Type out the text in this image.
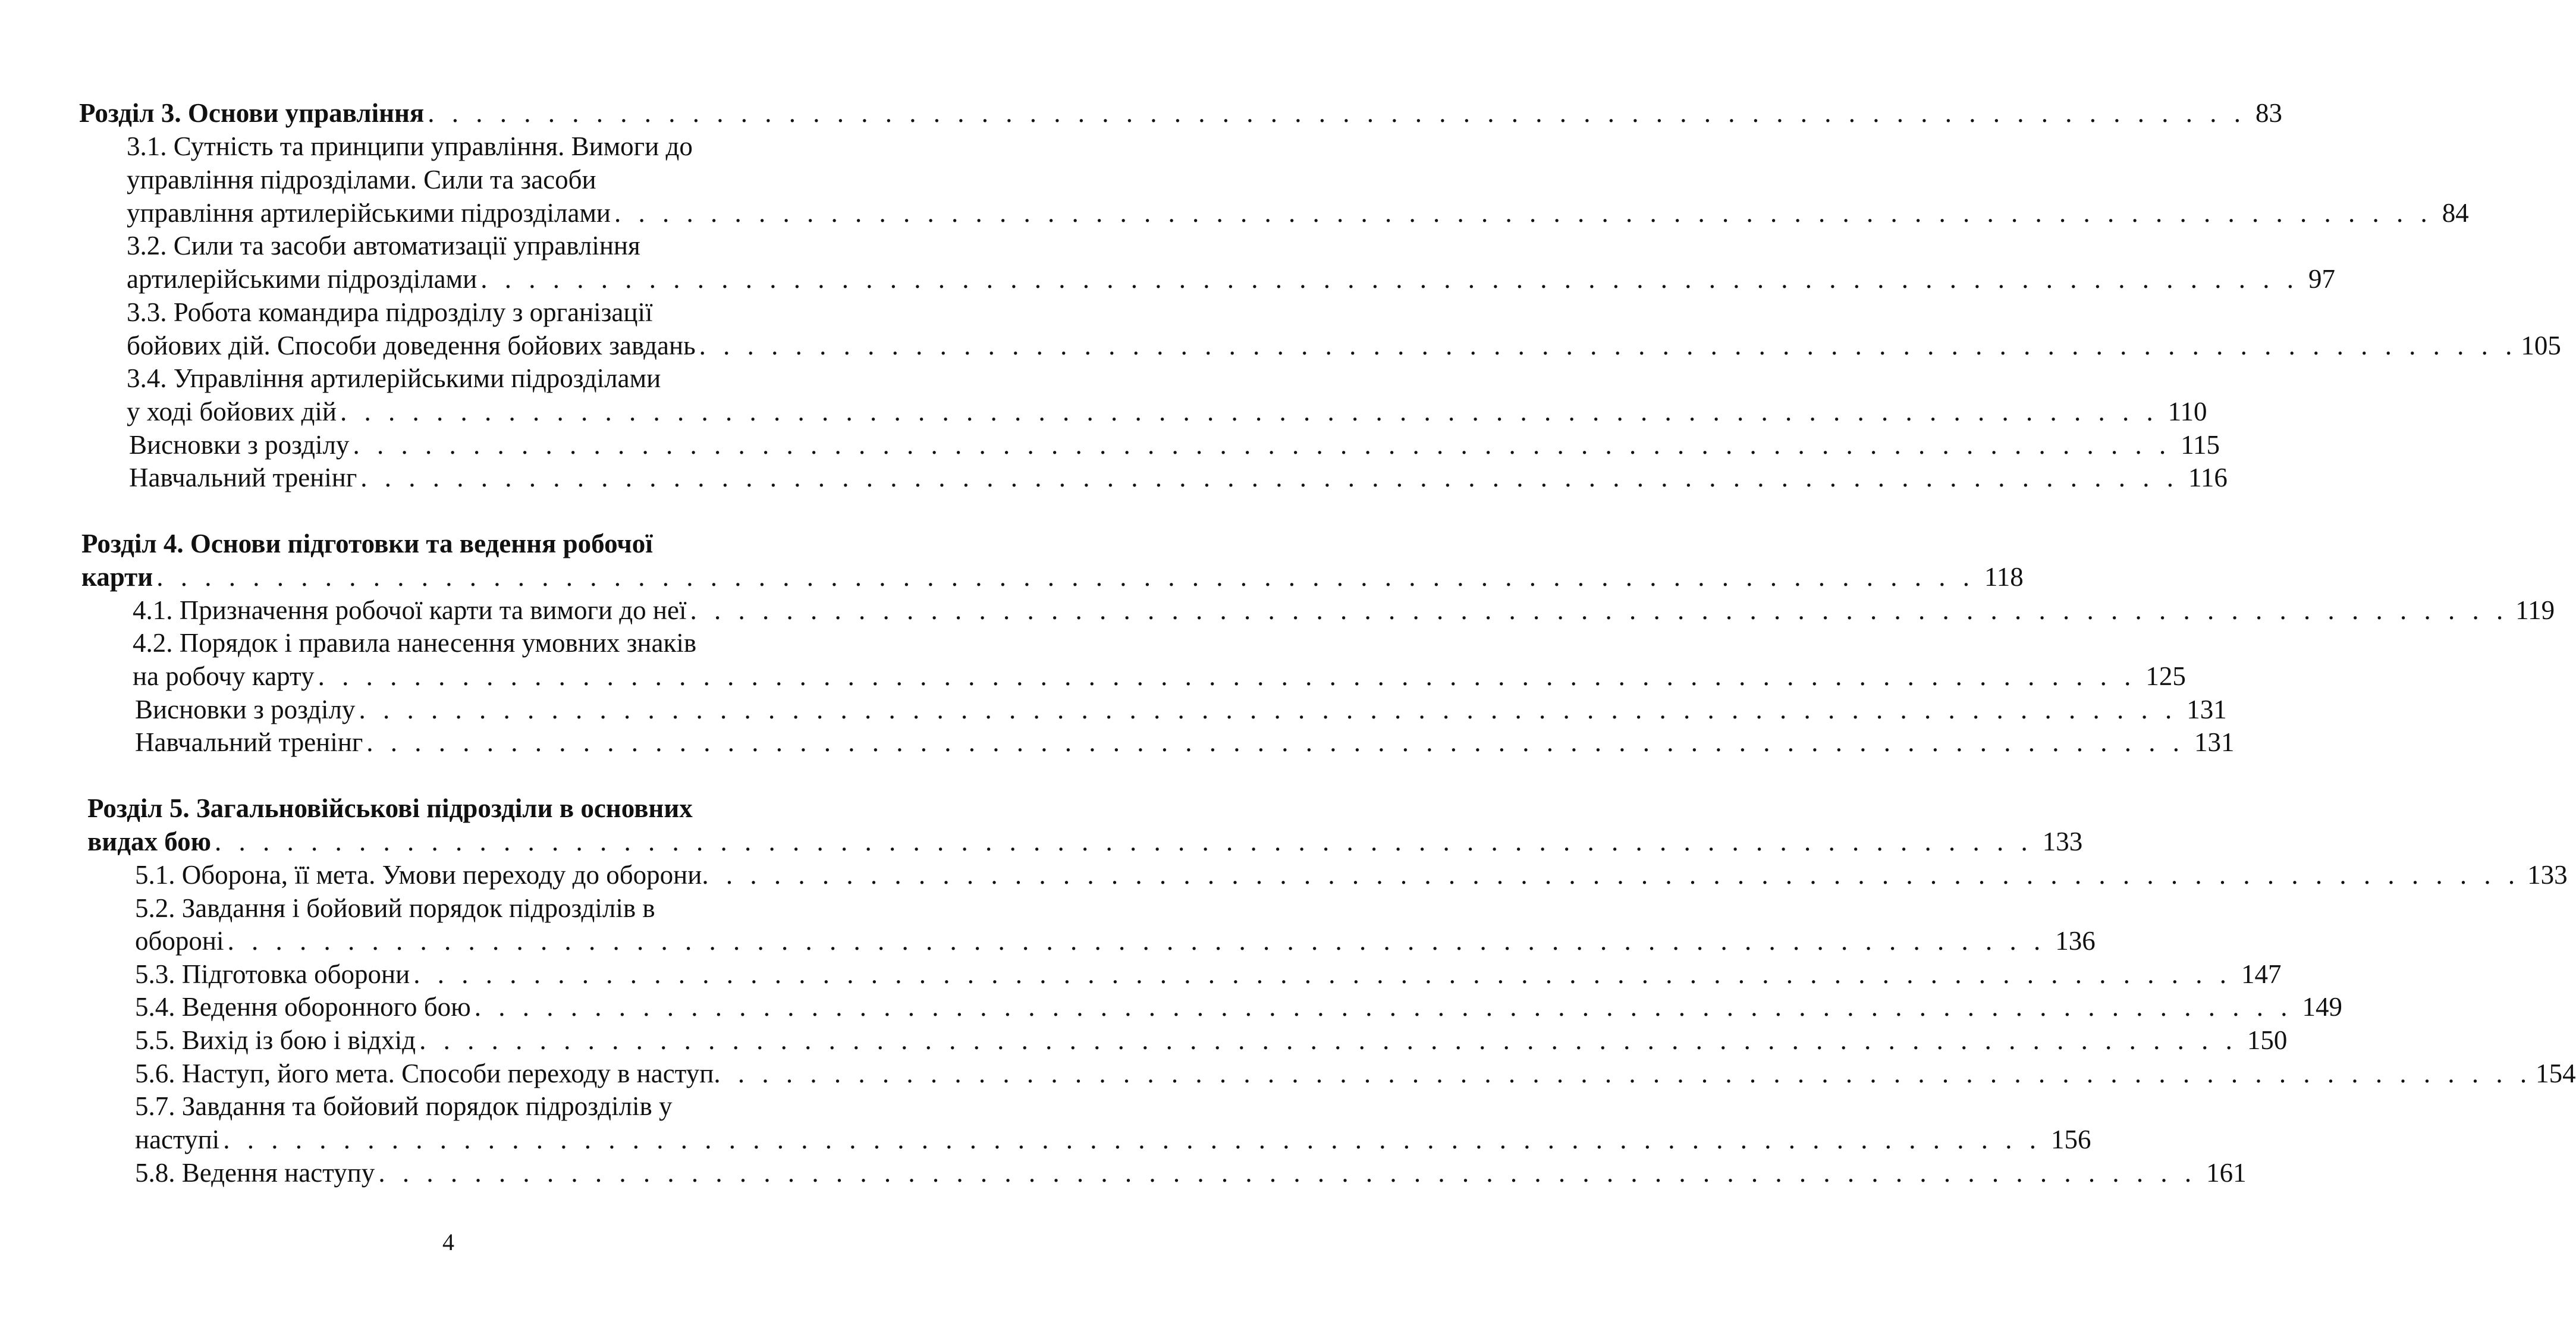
Розділ 3. Основи управління . . . . . . . . . . . . . . . . . . . . . . . . . . . . . . . . . . . . . . . . . . . . . . . . . . . . . . . . . . . . . . . . . . . . . . . . . . . . 83
3.1. Сутність та принципи управління. Вимоги до
управління підрозділами. Сили та засоби
управління артилерійськими підрозділами . . . . . . . . . . . . . . . . . . . . . . . . . . . . . . . . . . . . . . . . . . . . . . . . . . . . . . . . . . . . . . . . . . . . . . . . . . . . 84
3.2. Сили та засоби автоматизації управління
артилерійськими підрозділами . . . . . . . . . . . . . . . . . . . . . . . . . . . . . . . . . . . . . . . . . . . . . . . . . . . . . . . . . . . . . . . . . . . . . . . . . . . . 97
3.3. Робота командира підрозділу з організації
бойових дій. Способи доведення бойових завдань . . . . . . . . . . . . . . . . . . . . . . . . . . . . . . . . . . . . . . . . . . . . . . . . . . . . . . . . . . . . . . . . . . . . . . . . . . . . 105
3.4. Управління артилерійськими підрозділами
у ході бойових дій . . . . . . . . . . . . . . . . . . . . . . . . . . . . . . . . . . . . . . . . . . . . . . . . . . . . . . . . . . . . . . . . . . . . . . . . . . . . 110
Висновки з розділу . . . . . . . . . . . . . . . . . . . . . . . . . . . . . . . . . . . . . . . . . . . . . . . . . . . . . . . . . . . . . . . . . . . . . . . . . . . . 115
Навчальний тренінг . . . . . . . . . . . . . . . . . . . . . . . . . . . . . . . . . . . . . . . . . . . . . . . . . . . . . . . . . . . . . . . . . . . . . . . . . . . . 116
Розділ 4. Основи підготовки та ведення робочої
карти . . . . . . . . . . . . . . . . . . . . . . . . . . . . . . . . . . . . . . . . . . . . . . . . . . . . . . . . . . . . . . . . . . . . . . . . . . . . 118
4.1. Призначення робочої карти та вимоги до неї . . . . . . . . . . . . . . . . . . . . . . . . . . . . . . . . . . . . . . . . . . . . . . . . . . . . . . . . . . . . . . . . . . . . . . . . . . . . 119
4.2. Порядок і правила нанесення умовних знаків
на робочу карту . . . . . . . . . . . . . . . . . . . . . . . . . . . . . . . . . . . . . . . . . . . . . . . . . . . . . . . . . . . . . . . . . . . . . . . . . . . . 125
Висновки з розділу . . . . . . . . . . . . . . . . . . . . . . . . . . . . . . . . . . . . . . . . . . . . . . . . . . . . . . . . . . . . . . . . . . . . . . . . . . . . 131
Навчальний тренінг . . . . . . . . . . . . . . . . . . . . . . . . . . . . . . . . . . . . . . . . . . . . . . . . . . . . . . . . . . . . . . . . . . . . . . . . . . . . 131
Розділ 5. Загальновійськові підрозділи в основних
видах бою . . . . . . . . . . . . . . . . . . . . . . . . . . . . . . . . . . . . . . . . . . . . . . . . . . . . . . . . . . . . . . . . . . . . . . . . . . . . 133
5.1. Оборона, її мета. Умови переходу до оборони . . . . . . . . . . . . . . . . . . . . . . . . . . . . . . . . . . . . . . . . . . . . . . . . . . . . . . . . . . . . . . . . . . . . . . . . . . . . 133
5.2. Завдання і бойовий порядок підрозділів в
обороні . . . . . . . . . . . . . . . . . . . . . . . . . . . . . . . . . . . . . . . . . . . . . . . . . . . . . . . . . . . . . . . . . . . . . . . . . . . . 136
5.3. Підготовка оборони . . . . . . . . . . . . . . . . . . . . . . . . . . . . . . . . . . . . . . . . . . . . . . . . . . . . . . . . . . . . . . . . . . . . . . . . . . . . 147
5.4. Ведення оборонного бою . . . . . . . . . . . . . . . . . . . . . . . . . . . . . . . . . . . . . . . . . . . . . . . . . . . . . . . . . . . . . . . . . . . . . . . . . . . . 149
5.5. Вихід із бою і відхід . . . . . . . . . . . . . . . . . . . . . . . . . . . . . . . . . . . . . . . . . . . . . . . . . . . . . . . . . . . . . . . . . . . . . . . . . . . . 150
5.6. Наступ, його мета. Способи переходу в наступ . . . . . . . . . . . . . . . . . . . . . . . . . . . . . . . . . . . . . . . . . . . . . . . . . . . . . . . . . . . . . . . . . . . . . . . . . . . . 154
5.7. Завдання та бойовий порядок підрозділів у
наступі . . . . . . . . . . . . . . . . . . . . . . . . . . . . . . . . . . . . . . . . . . . . . . . . . . . . . . . . . . . . . . . . . . . . . . . . . . . . 156
5.8. Ведення наступу . . . . . . . . . . . . . . . . . . . . . . . . . . . . . . . . . . . . . . . . . . . . . . . . . . . . . . . . . . . . . . . . . . . . . . . . . . . . 161
4
